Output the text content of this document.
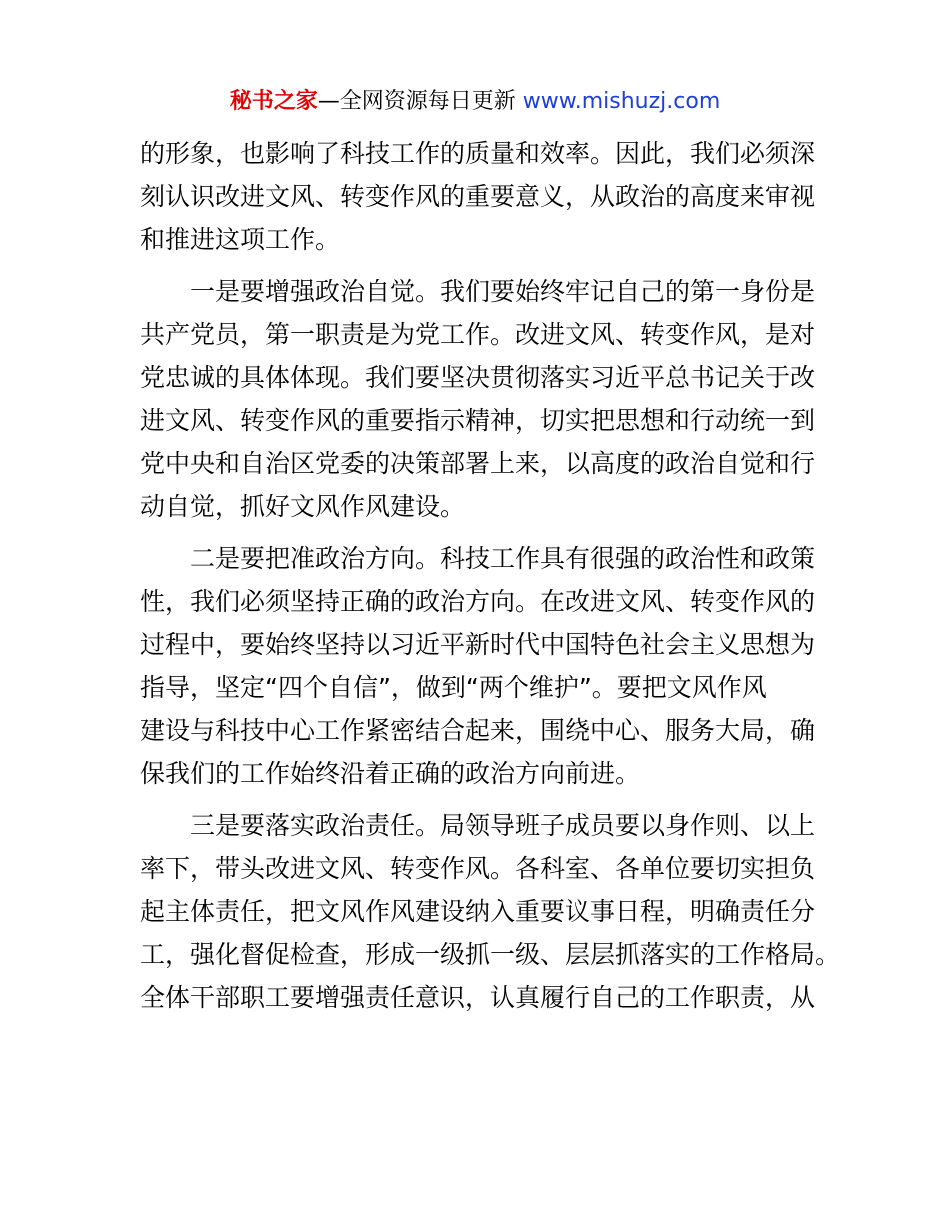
秘书之家—全网资源每日更新 www.mishuzj.com
的形象，也影响了科技工作的质量和效率。因此，我们必须深
刻认识改进文风、转变作风的重要意义，从政治的高度来审视
和推进这项工作。
一是要增强政治自觉。我们要始终牢记自己的第一身份是
共产党员，第一职责是为党工作。改进文风、转变作风，是对
党忠诚的具体体现。我们要坚决贯彻落实习近平总书记关于改
进文风、转变作风的重要指示精神，切实把思想和行动统一到
党中央和自治区党委的决策部署上来，以高度的政治自觉和行
动自觉，抓好文风作风建设。
二是要把准政治方向。科技工作具有很强的政治性和政策
性，我们必须坚持正确的政治方向。在改进文风、转变作风的
过程中，要始终坚持以习近平新时代中国特色社会主义思想为
指导，坚定“四个自信”，做到“两个维护”。要把文风作风
建设与科技中心工作紧密结合起来，围绕中心、服务大局，确
保我们的工作始终沿着正确的政治方向前进。
三是要落实政治责任。局领导班子成员要以身作则、以上
率下，带头改进文风、转变作风。各科室、各单位要切实担负
起主体责任，把文风作风建设纳入重要议事日程，明确责任分
工，强化督促检查，形成一级抓一级、层层抓落实的工作格局。
全体干部职工要增强责任意识，认真履行自己的工作职责，从
